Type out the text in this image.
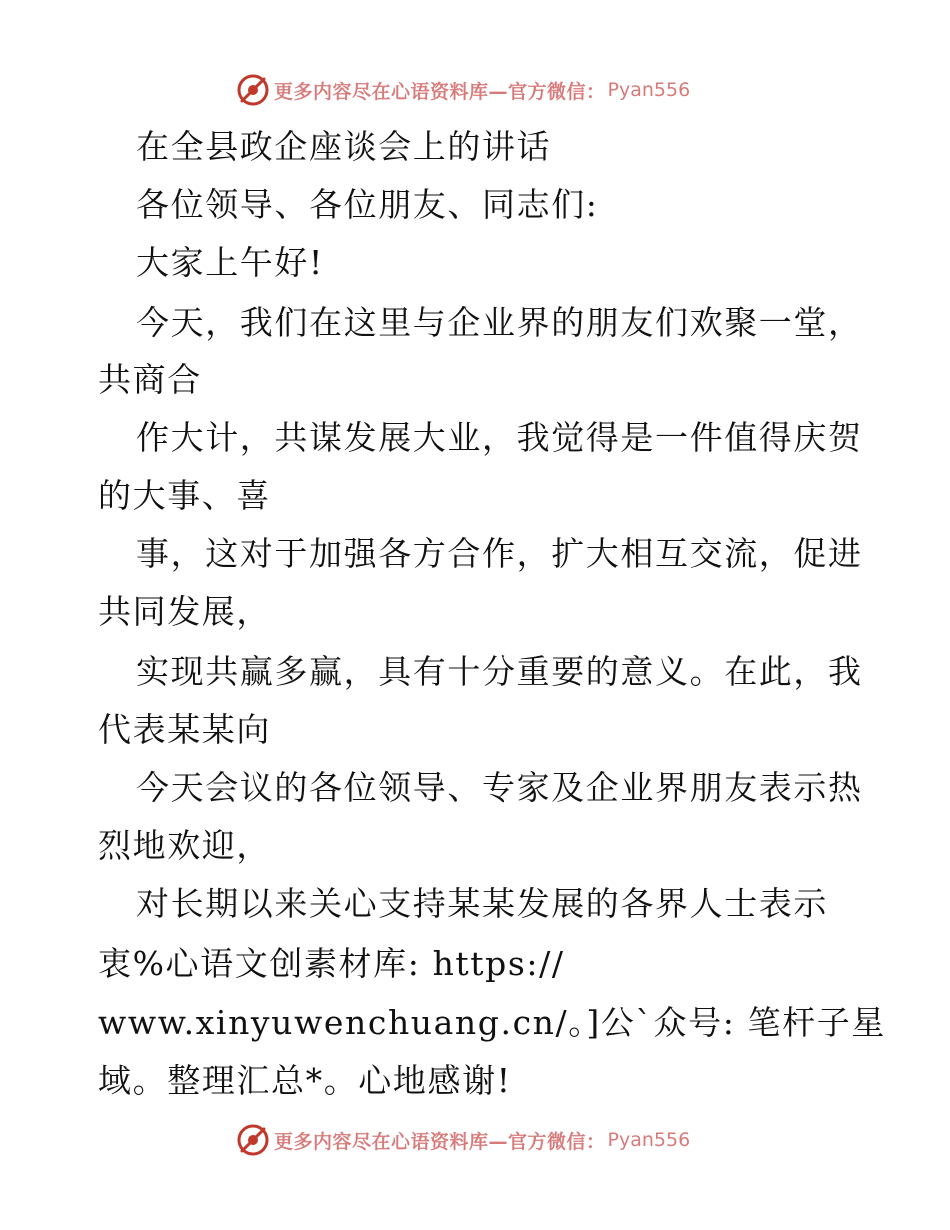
更多内容尽在心语资料库—官方微信： Pyan556
在全县政企座谈会上的讲话
各位领导、各位朋友、同志们:
大家上午好!
今天，我们在这里与企业界的朋友们欢聚一堂，
共商合
作大计，共谋发展大业，我觉得是一件值得庆贺
的大事、喜
事，这对于加强各方合作，扩大相互交流，促进
共同发展，
实现共赢多赢，具有十分重要的意义。在此，我
代表某某向
今天会议的各位领导、专家及企业界朋友表示热
烈地欢迎，
对长期以来关心支持某某发展的各界人士表示
衷%心语文创素材库: https://
www.xinyuwenchuang.cn/。]公`众号: 笔杆子星
域。整理汇总*。心地感谢!
更多内容尽在心语资料库—官方微信： Pyan556
